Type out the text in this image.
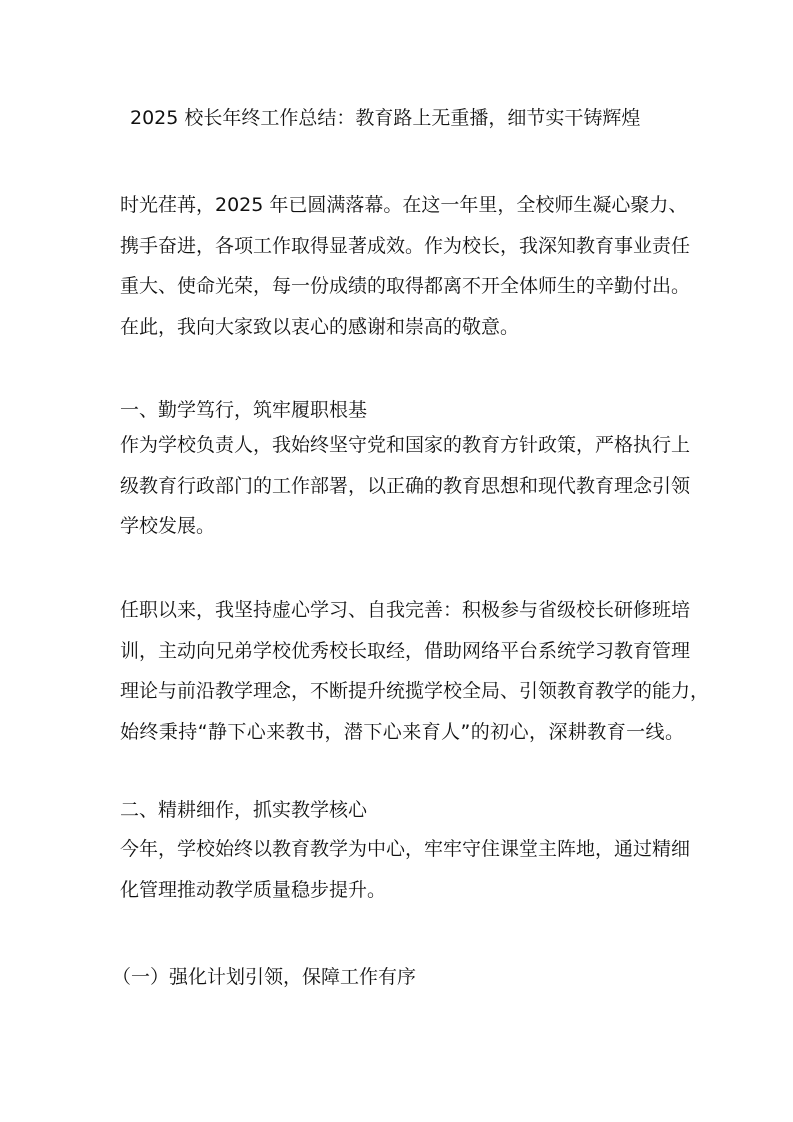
2025 校长年终工作总结：教育路上无重播，细节实干铸辉煌
时光荏苒，2025 年已圆满落幕。在这一年里，全校师生凝心聚力、
携手奋进，各项工作取得显著成效。作为校长，我深知教育事业责任
重大、使命光荣，每一份成绩的取得都离不开全体师生的辛勤付出。
在此，我向大家致以衷心的感谢和崇高的敬意。
一、勤学笃行，筑牢履职根基
作为学校负责人，我始终坚守党和国家的教育方针政策，严格执行上
级教育行政部门的工作部署，以正确的教育思想和现代教育理念引领
学校发展。
任职以来，我坚持虚心学习、自我完善：积极参与省级校长研修班培
训，主动向兄弟学校优秀校长取经，借助网络平台系统学习教育管理
理论与前沿教学理念，不断提升统揽学校全局、引领教育教学的能力，
始终秉持“静下心来教书，潜下心来育人”的初心，深耕教育一线。
二、精耕细作，抓实教学核心
今年，学校始终以教育教学为中心，牢牢守住课堂主阵地，通过精细
化管理推动教学质量稳步提升。
（一）强化计划引领，保障工作有序
